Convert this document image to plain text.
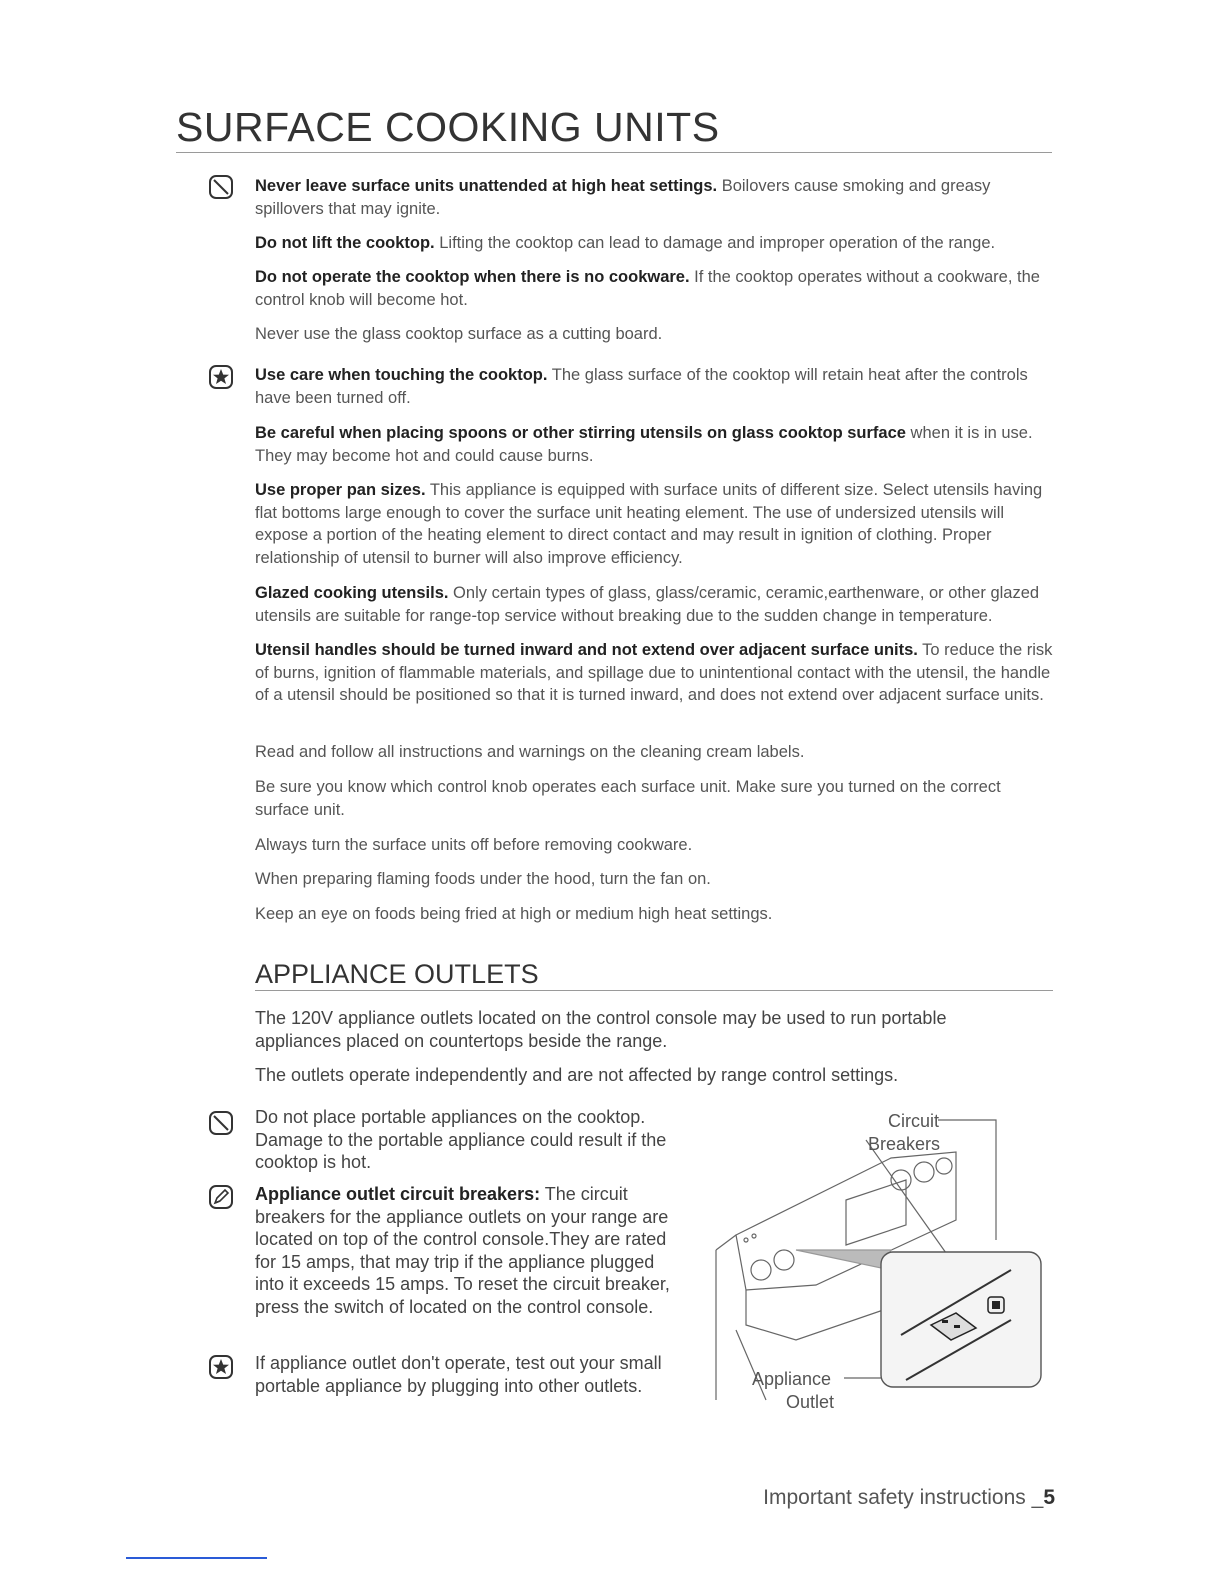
SURFACE COOKING UNITS

Never leave surface units unattended at high heat settings. Boilovers cause smoking and greasy spillovers that may ignite.

Do not lift the cooktop. Lifting the cooktop can lead to damage and improper operation of the range.

Do not operate the cooktop when there is no cookware. If the cooktop operates without a cookware, the control knob will become hot.

Never use the glass cooktop surface as a cutting board.

Use care when touching the cooktop. The glass surface of the cooktop will retain heat after the controls have been turned off.

Be careful when placing spoons or other stirring utensils on glass cooktop surface when it is in use. They may become hot and could cause burns.

Use proper pan sizes. This appliance is equipped with surface units of different size. Select utensils having flat bottoms large enough to cover the surface unit heating element. The use of undersized utensils will expose a portion of the heating element to direct contact and may result in ignition of clothing. Proper relationship of utensil to burner will also improve efficiency.

Glazed cooking utensils. Only certain types of glass, glass/ceramic, ceramic,earthenware, or other glazed utensils are suitable for range-top service without breaking due to the sudden change in temperature.

Utensil handles should be turned inward and not extend over adjacent surface units. To reduce the risk of burns, ignition of flammable materials, and spillage due to unintentional contact with the utensil, the handle of a utensil should be positioned so that it is turned inward, and does not extend over adjacent surface units.

Read and follow all instructions and warnings on the cleaning cream labels.

Be sure you know which control knob operates each surface unit. Make sure you turned on the correct surface unit.

Always turn the surface units off before removing cookware.

When preparing flaming foods under the hood, turn the fan on.

Keep an eye on foods being fried at high or medium high heat settings.

APPLIANCE OUTLETS

The 120V appliance outlets located on the control console may be used to run portable appliances placed on countertops beside the range.

The outlets operate independently and are not affected by range control settings.

Do not place portable appliances on the cooktop. Damage to the portable appliance could result if the cooktop is hot.

Appliance outlet circuit breakers: The circuit breakers for the appliance outlets on your range are located on top of the control console.They are rated for 15 amps, that may trip if the appliance plugged into it exceeds 15 amps. To reset the circuit breaker, press the switch of located on the control console.

If appliance outlet don't operate, test out your small portable appliance by plugging into other outlets.

Circuit
Breakers
Appliance
Outlet
Important safety instructions _5
